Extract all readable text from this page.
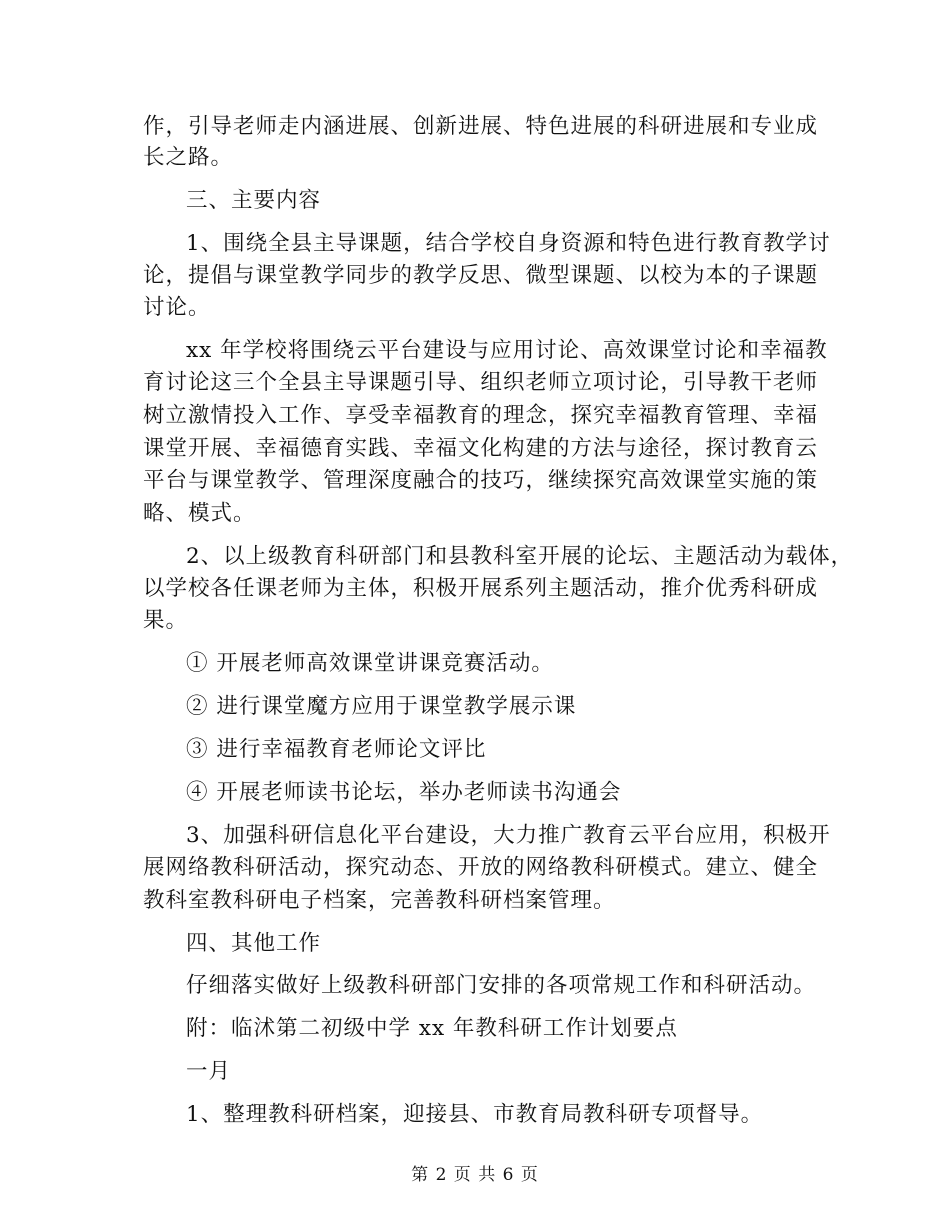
作，引导老师走内涵进展、创新进展、特色进展的科研进展和专业成
长之路。
三、主要内容
1、围绕全县主导课题，结合学校自身资源和特色进行教育教学讨
论，提倡与课堂教学同步的教学反思、微型课题、以校为本的子课题
讨论。
xx 年学校将围绕云平台建设与应用讨论、高效课堂讨论和幸福教
育讨论这三个全县主导课题引导、组织老师立项讨论，引导教干老师
树立激情投入工作、享受幸福教育的理念，探究幸福教育管理、幸福
课堂开展、幸福德育实践、幸福文化构建的方法与途径，探讨教育云
平台与课堂教学、管理深度融合的技巧，继续探究高效课堂实施的策
略、模式。
2、以上级教育科研部门和县教科室开展的论坛、主题活动为载体，
以学校各任课老师为主体，积极开展系列主题活动，推介优秀科研成
果。
① 开展老师高效课堂讲课竞赛活动。
② 进行课堂魔方应用于课堂教学展示课
③ 进行幸福教育老师论文评比
④ 开展老师读书论坛，举办老师读书沟通会
3、加强科研信息化平台建设，大力推广教育云平台应用，积极开
展网络教科研活动，探究动态、开放的网络教科研模式。建立、健全
教科室教科研电子档案，完善教科研档案管理。
四、其他工作
仔细落实做好上级教科研部门安排的各项常规工作和科研活动。
附：临沭第二初级中学 xx 年教科研工作计划要点
一月
1、整理教科研档案，迎接县、市教育局教科研专项督导。
第 2 页 共 6 页
